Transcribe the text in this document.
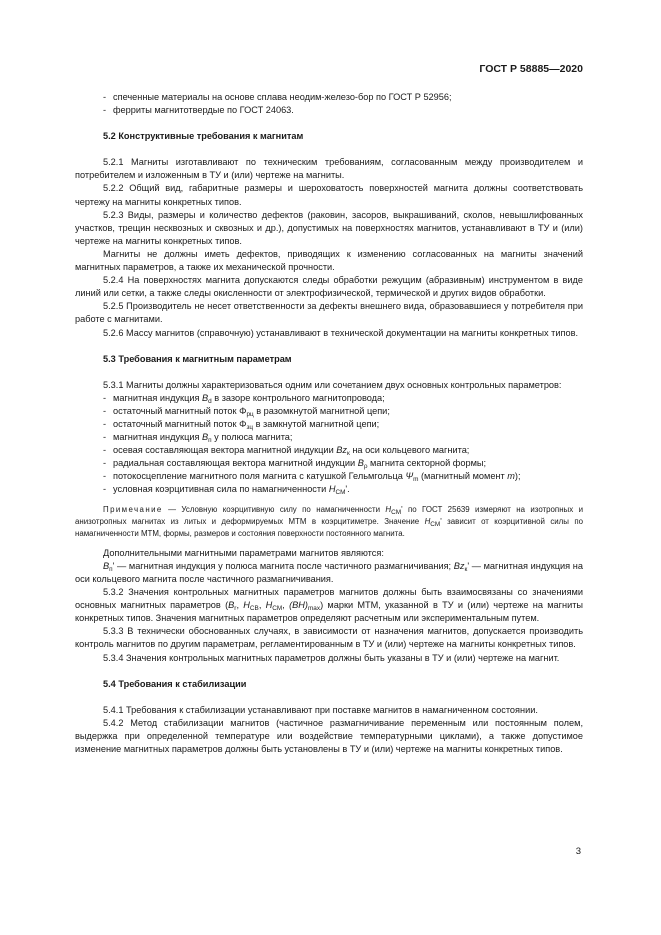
ГОСТ Р 58885—2020

- спеченные материалы на основе сплава неодим-железо-бор по ГОСТ Р 52956;

- ферриты магнитотвердые по ГОСТ 24063.

5.2 Конструктивные требования к магнитам

5.2.1 Магниты изготавливают по техническим требованиям, согласованным между производителем и потребителем и изложенным в ТУ и (или) чертеже на магниты.

5.2.2 Общий вид, габаритные размеры и шероховатость поверхностей магнита должны соответствовать чертежу на магниты конкретных типов.

5.2.3 Виды, размеры и количество дефектов (раковин, засоров, выкрашиваний, сколов, невышлифованных участков, трещин несквозных и сквозных и др.), допустимых на поверхностях магнитов, устанавливают в ТУ и (или) чертеже на магниты конкретных типов.

Магниты не должны иметь дефектов, приводящих к изменению согласованных на магниты значений магнитных параметров, а также их механической прочности.

5.2.4 На поверхностях магнита допускаются следы обработки режущим (абразивным) инструментом в виде линий или сетки, а также следы окисленности от электрофизической, термической и других видов обработки.

5.2.5 Производитель не несет ответственности за дефекты внешнего вида, образовавшиеся у потребителя при работе с магнитами.

5.2.6 Массу магнитов (справочную) устанавливают в технической документации на магниты конкретных типов.

5.3 Требования к магнитным параметрам

5.3.1 Магниты должны характеризоваться одним или сочетанием двух основных контрольных параметров:

- магнитная индукция $B_d$ в зазоре контрольного магнитопровода;

- остаточный магнитный поток $\Phi_{рц}$ в разомкнутой магнитной цепи;

- остаточный магнитный поток $\Phi_{зц}$ в замкнутой магнитной цепи;

- магнитная индукция $B_п$ у полюса магнита;

- осевая составляющая вектора магнитной индукции $Bz_к$ на оси кольцевого магнита;

- радиальная составляющая вектора магнитной индукции $B_\rho$ магнита секторной формы;

- потокосцепление магнитного поля магнита с катушкой Гельмгольца $\Psi_m$ (магнитный момент m);

- условная коэрцитивная сила по намагниченности $H_{CM}'$.

Примечание — Условную коэрцитивную силу по намагниченности $H_{CM}'$ по ГОСТ 25639 измеряют на изотропных и анизотропных магнитах из литых и деформируемых МТМ в коэрцитиметре. Значение $H_{CM}'$ зависит от коэрцитивной силы по намагниченности МТМ, формы, размеров и состояния поверхности постоянного магнита.

Дополнительными магнитными параметрами магнитов являются:

$B_п'$ — магнитная индукция у полюса магнита после частичного размагничивания; $Bz_к'$ — магнитная индукция на оси кольцевого магнита после частичного размагничивания.

5.3.2 Значения контрольных магнитных параметров магнитов должны быть взаимосвязаны со значениями основных магнитных параметров ($B_r$, $H_{CB}$, $H_{CM}$, $(BH)_{max}$) марки МТМ, указанной в ТУ и (или) чертеже на магниты конкретных типов. Значения магнитных параметров определяют расчетным или экспериментальным путем.

5.3.3 В технически обоснованных случаях, в зависимости от назначения магнитов, допускается производить контроль магнитов по другим параметрам, регламентированным в ТУ и (или) чертеже на магниты конкретных типов.

5.3.4 Значения контрольных магнитных параметров должны быть указаны в ТУ и (или) чертеже на магнит.

5.4 Требования к стабилизации

5.4.1 Требования к стабилизации устанавливают при поставке магнитов в намагниченном состоянии.

5.4.2 Метод стабилизации магнитов (частичное размагничивание переменным или постоянным полем, выдержка при определенной температуре или воздействие температурными циклами), а также допустимое изменение магнитных параметров должны быть установлены в ТУ и (или) чертеже на магниты конкретных типов.

3
